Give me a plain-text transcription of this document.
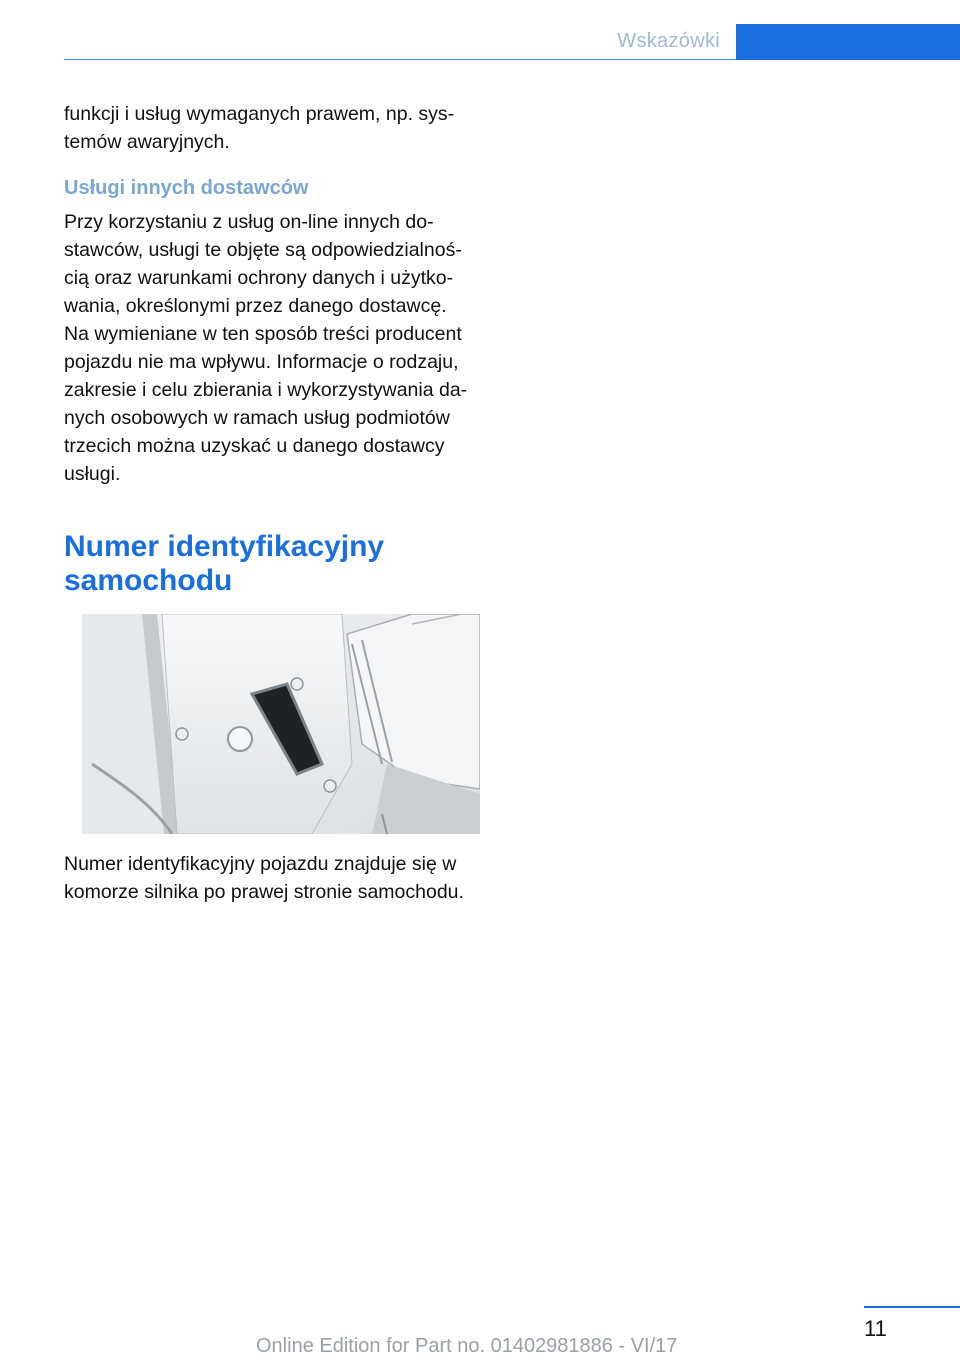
Wskazówki

funkcji i usług wymaganych prawem, np. sys-
temów awaryjnych.

Usługi innych dostawców

Przy korzystaniu z usług on-line innych do-
stawców, usługi te objęte są odpowiedzialnoś-
cią oraz warunkami ochrony danych i użytko-
wania, określonymi przez danego dostawcę.
Na wymieniane w ten sposób treści producent
pojazdu nie ma wpływu. Informacje o rodzaju,
zakresie i celu zbierania i wykorzystywania da-
nych osobowych w ramach usług podmiotów
trzecich można uzyskać u danego dostawcy
usługi.

Numer identyfikacyjny
samochodu

Numer identyfikacyjny pojazdu znajduje się w
komorze silnika po prawej stronie samochodu.

11
Online Edition for Part no. 01402981886 - VI/17
